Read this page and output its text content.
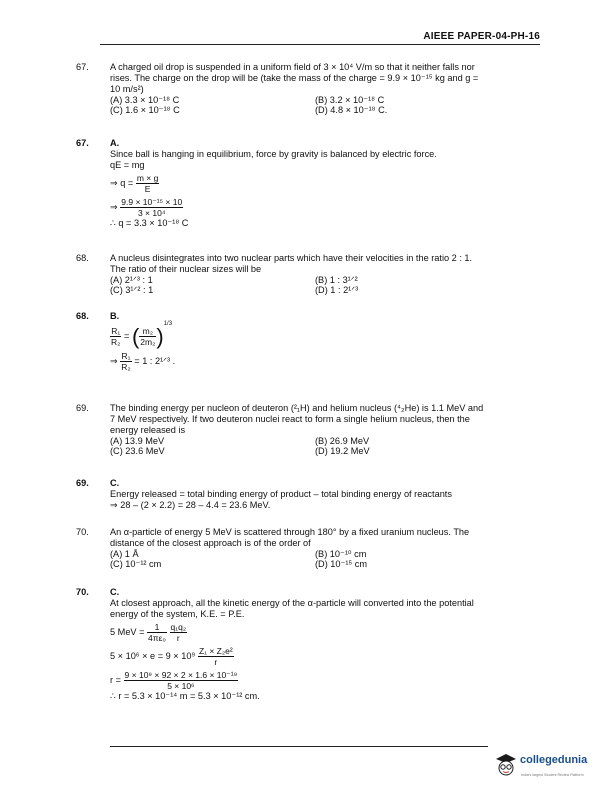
AIEEE PAPER-04-PH-16
67. A charged oil drop is suspended in a uniform field of 3 × 10⁴ V/m so that it neither falls nor
rises. The charge on the drop will be (take the mass of the charge = 9.9 × 10⁻¹⁵ kg and g =
10 m/s²)
(A) 3.3 × 10⁻¹⁸ C	(B) 3.2 × 10⁻¹⁸ C
(C) 1.6 × 10⁻¹⁸ C	(D) 4.8 × 10⁻¹⁸ C.
67. A.
Since ball is hanging in equilibrium, force by gravity is balanced by electric force.
qE = mg
⇒ $q = \frac{m \times g}{E}$
⇒ $\frac{\text{9.9 × 10⁻¹⁵ × 10}}{\text{3 × 10⁴}}$
∴ q = 3.3 × 10⁻¹⁸ C
68. A nucleus disintegrates into two nuclear parts which have their velocities in the ratio 2 : 1.
The ratio of their nuclear sizes will be
(A) 2¹ᐟ³ : 1	(B) 1 : 3¹ᐟ²
(C) 3¹ᐟ² : 1	(D) 1 : 2¹ᐟ³
68. B.
$\frac{\text{R₁}}{\text{R₂}}$ = ( $\frac{\text{m₂}}{\text{2m₂}} )^{1/3}$
⇒ $\frac{\text{R₁}}{\text{R₂}} = 1$ : 2¹ᐟ³ .
69. The binding energy per nucleon of deuteron (²₁H) and helium nucleus (⁴₂He) is 1.1 MeV and
7 MeV respectively. If two deuteron nuclei react to form a single helium nucleus, then the
energy released is
(A) 13.9 MeV	(B) 26.9 MeV
(C) 23.6 MeV	(D) 19.2 MeV
69. C.
Energy released = total binding energy of product – total binding energy of reactants
⇒ 28 – (2 × 2.2) = 28 – 4.4 = 23.6 MeV.
70. An α-particle of energy 5 MeV is scattered through 180° by a fixed uranium nucleus. The
distance of the closest approach is of the order of
(A) 1 Å	(B) 10⁻¹⁰ cm
(C) 10⁻¹² cm	(D) 10⁻¹⁵ cm
70. C.
At closest approach, all the kinetic energy of the α-particle will converted into the potential
energy of the system, K.E. = P.E.
5 MeV = $\frac{1}{\text{4πε₀}}$
$\frac{\text{q₁q₂}}{r}$
$5 \times 10^6 \times e = 9 \times 10^9 \frac{\text{Z₁ × Z₂e²}}{r}$
$r = \frac{\text{9 × 10⁹ × 92 × 2 × 1.6 × 10⁻¹⁹}}{\text{5 × 10⁶}}$
∴ r = 5.3 × 10⁻¹⁴ m = 5.3 × 10⁻¹² cm.
collegedunia
India's largest Student Review Platform
